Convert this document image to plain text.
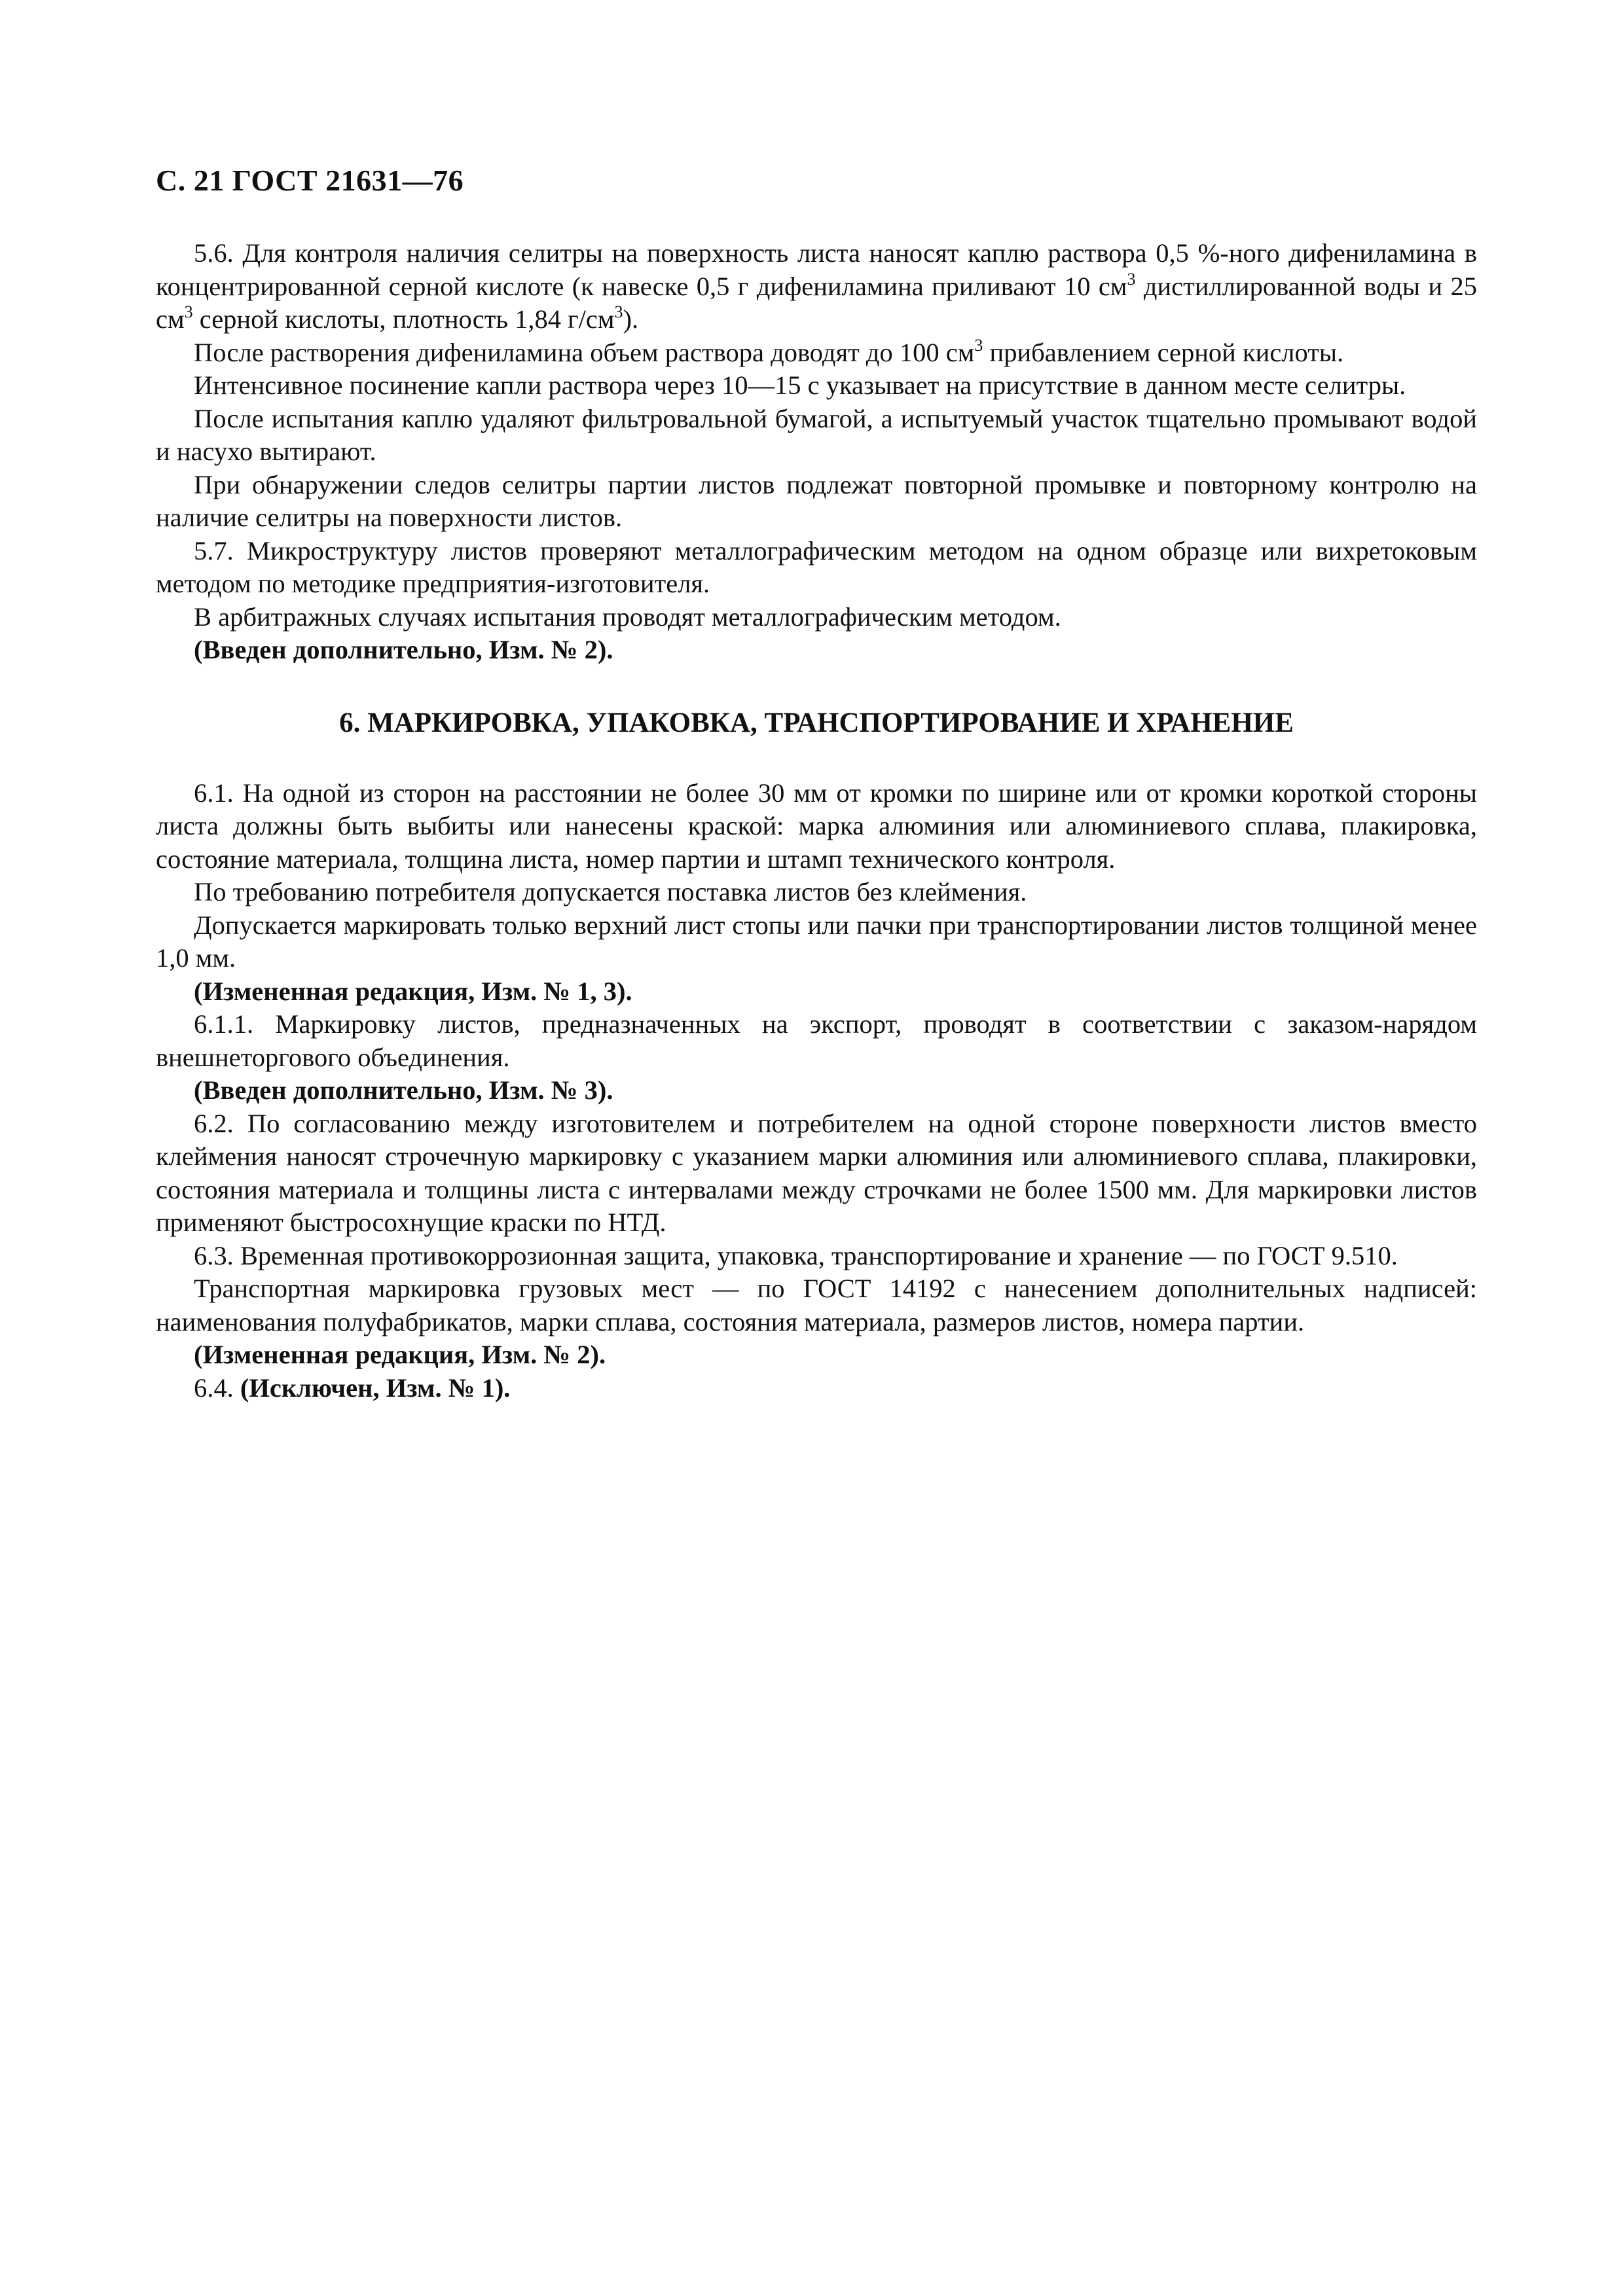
С. 21 ГОСТ 21631—76

5.6. Для контроля наличия селитры на поверхность листа наносят каплю раствора 0,5 %-ного дифениламина в концентрированной серной кислоте (к навеске 0,5 г дифениламина приливают 10 $см^3$ дистиллированной воды и 25 $см^3$ серной кислоты, плотность 1,84 $г/см^3$).

После растворения дифениламина объем раствора доводят до 100 $см^3$ прибавлением серной кислоты.

Интенсивное посинение капли раствора через 10—15 с указывает на присутствие в данном месте селитры.

После испытания каплю удаляют фильтровальной бумагой, а испытуемый участок тщательно промывают водой и насухо вытирают.

При обнаружении следов селитры партии листов подлежат повторной промывке и повторному контролю на наличие селитры на поверхности листов.

5.7. Микроструктуру листов проверяют металлографическим методом на одном образце или вихретоковым методом по методике предприятия-изготовителя.

В арбитражных случаях испытания проводят металлографическим методом.

(Введен дополнительно, Изм. № 2).

6. МАРКИРОВКА, УПАКОВКА, ТРАНСПОРТИРОВАНИЕ И ХРАНЕНИЕ

6.1. На одной из сторон на расстоянии не более 30 мм от кромки по ширине или от кромки короткой стороны листа должны быть выбиты или нанесены краской: марка алюминия или алюминиевого сплава, плакировка, состояние материала, толщина листа, номер партии и штамп технического контроля.

По требованию потребителя допускается поставка листов без клеймения.

Допускается маркировать только верхний лист стопы или пачки при транспортировании листов толщиной менее 1,0 мм.

(Измененная редакция, Изм. № 1, 3).

6.1.1. Маркировку листов, предназначенных на экспорт, проводят в соответствии с заказом-нарядом внешнеторгового объединения.

(Введен дополнительно, Изм. № 3).

6.2. По согласованию между изготовителем и потребителем на одной стороне поверхности листов вместо клеймения наносят строчечную маркировку с указанием марки алюминия или алюминиевого сплава, плакировки, состояния материала и толщины листа с интервалами между строчками не более 1500 мм. Для маркировки листов применяют быстросохнущие краски по НТД.

6.3. Временная противокоррозионная защита, упаковка, транспортирование и хранение — по ГОСТ 9.510.

Транспортная маркировка грузовых мест — по ГОСТ 14192 с нанесением дополнительных надписей: наименования полуфабрикатов, марки сплава, состояния материала, размеров листов, номера партии.

(Измененная редакция, Изм. № 2).

6.4. (Исключен, Изм. № 1).
